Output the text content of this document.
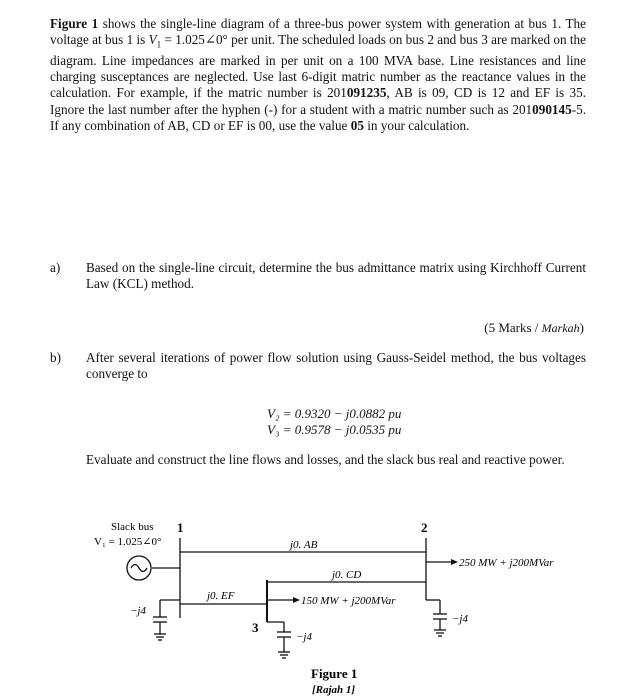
Figure 1 shows the single-line diagram of a three-bus power system with generation at bus 1. The voltage at bus 1 is $V_1$ = 1.025∠0° per unit. The scheduled loads on bus 2 and bus 3 are marked on the diagram. Line impedances are marked in per unit on a 100 MVA base. Line resistances and line charging susceptances are neglected. Use last 6-digit matric number as the reactance values in the calculation. For example, if the matric number is 201091235, AB is 09, CD is 12 and EF is 35. Ignore the last number after the hyphen (-) for a student with a matric number such as 201090145-5. If any combination of AB, CD or EF is 00, use the value 05 in your calculation.

a) Based on the single-line circuit, determine the bus admittance matrix using Kirchhoff Current Law (KCL) method.

(5 Marks / Markah)
b) After several iterations of power flow solution using Gauss-Seidel method, the bus voltages converge to

V₂ = 0.9320 − j0.0882 pu
V₃ = 0.9578 − j0.0535 pu
Evaluate and construct the line flows and losses, and the slack bus real and reactive power.
Slack bus
V₁ = 1.025∠0°
1	2
3
j0. AB
j0. CD
j0. EF
250 MW + j200MVar
150 MW + j200MVar
−j4
−j4
−j4
Figure 1
[Rajah 1]
